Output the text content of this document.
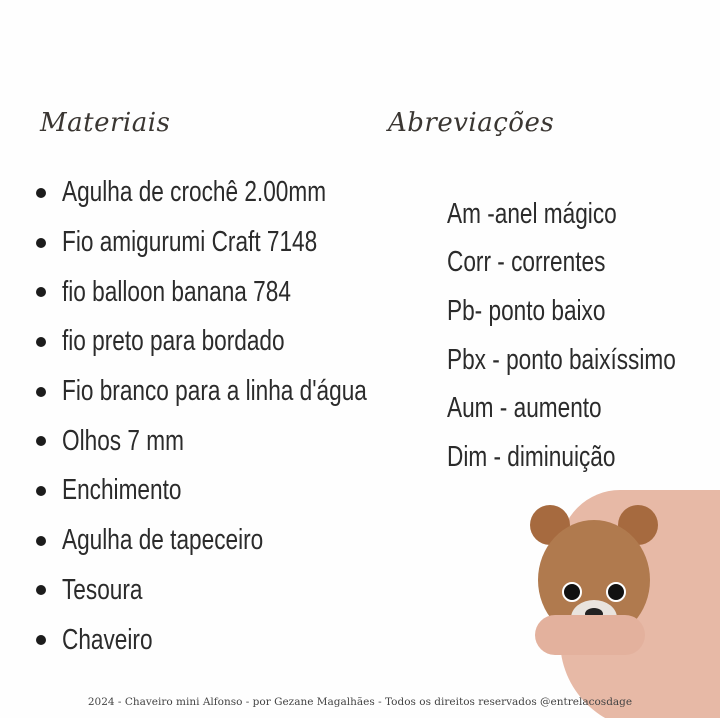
Materiais	Abreviações
Agulha de crochê 2.00mm
Fio amigurumi Craft 7148
fio balloon banana 784
fio preto para bordado
Fio branco para a linha d'água
Olhos 7 mm
Enchimento
Agulha de tapeceiro
Tesoura
Chaveiro
Am -anel mágico
Corr - correntes
Pb- ponto baixo
Pbx - ponto baixíssimo
Aum - aumento
Dim - diminuição
2024 - Chaveiro mini Alfonso - por Gezane Magalhães - Todos os direitos reservados @entrelacosdage
